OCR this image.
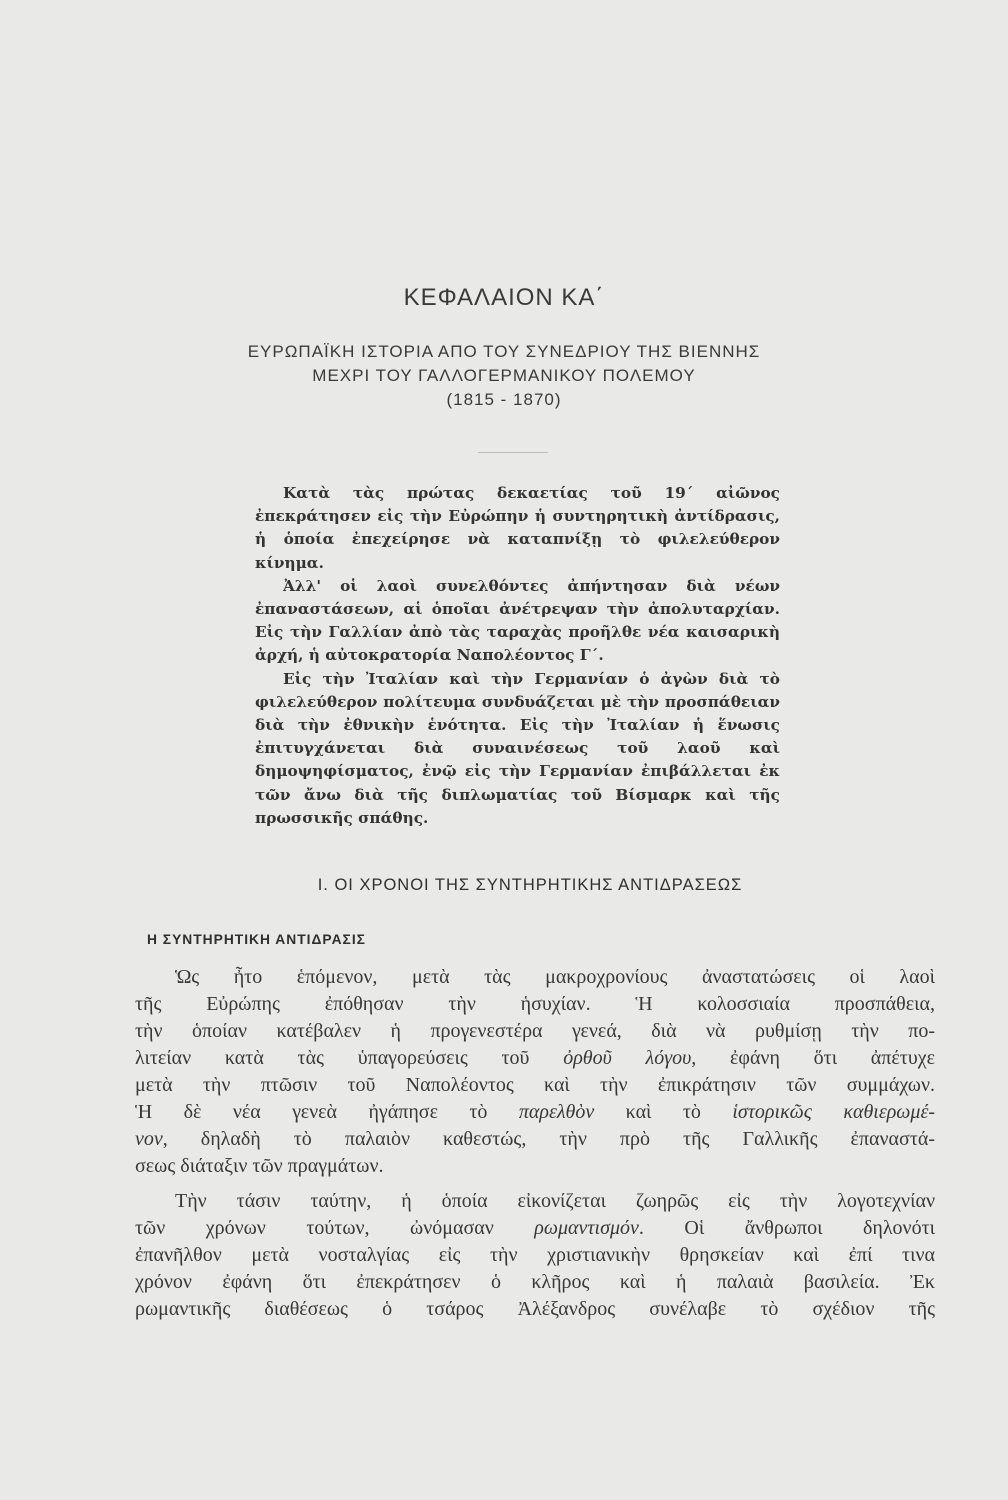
ΚΕΦΑΛΑΙΟΝ ΚΑ΄
ΕΥΡΩΠΑΪΚΗ ΙΣΤΟΡΙΑ ΑΠΟ ΤΟΥ ΣΥΝΕΔΡΙΟΥ ΤΗΣ ΒΙΕΝΝΗΣ
ΜΕΧΡΙ ΤΟΥ ΓΑΛΛΟΓΕΡΜΑΝΙΚΟΥ ΠΟΛΕΜΟΥ
(1815 - 1870)

Κατὰ τὰς πρώτας δεκαετίας τοῦ 19΄ αἰῶνος ἐπεκράτησεν εἰς τὴν Εὐρώπην ἡ συντηρητικὴ ἀντίδρασις, ἡ ὁποία ἐπεχείρησε νὰ καταπνίξῃ τὸ φιλελεύθερον κίνημα.

Ἀλλ' οἱ λαοὶ συνελθόντες ἀπήντησαν διὰ νέων ἐπαναστάσεων, αἱ ὁποῖαι ἀνέτρεψαν τὴν ἀπολυταρχίαν. Εἰς τὴν Γαλλίαν ἀπὸ τὰς ταραχὰς προῆλθε νέα καισαρικὴ ἀρχή, ἡ αὐτοκρατορία Ναπολέοντος Γ΄.

Εἰς τὴν Ἰταλίαν καὶ τὴν Γερμανίαν ὁ ἀγὼν διὰ τὸ φιλελεύθερον πολίτευμα συνδυάζεται μὲ τὴν προσπάθειαν διὰ τὴν ἐθνικὴν ἑνότητα. Εἰς τὴν Ἰταλίαν ἡ ἕνωσις ἐπιτυγχάνεται διὰ συναινέσεως τοῦ λαοῦ καὶ δημοψηφίσματος, ἐνῷ εἰς τὴν Γερμανίαν ἐπιβάλλεται ἐκ τῶν ἄνω διὰ τῆς διπλωματίας τοῦ Βίσμαρκ καὶ τῆς πρωσσικῆς σπάθης.

Ι. ΟΙ ΧΡΟΝΟΙ ΤΗΣ ΣΥΝΤΗΡΗΤΙΚΗΣ ΑΝΤΙΔΡΑΣΕΩΣ
Η ΣΥΝΤΗΡΗΤΙΚΗ ΑΝΤΙΔΡΑΣΙΣ
Ὡς ἦτο ἑπόμενον, μετὰ τὰς μακροχρονίους ἀναστατώσεις οἱ λαοὶ
τῆς Εὐρώπης ἐπόθησαν τὴν ἡσυχίαν. Ἡ κολοσσιαία προσπάθεια,
τὴν ὁποίαν κατέβαλεν ἡ προγενεστέρα γενεά, διὰ νὰ ρυθμίσῃ τὴν πο-
λιτείαν κατὰ τὰς ὑπαγορεύσεις τοῦ ὀρθοῦ λόγου, ἐφάνη ὅτι ἀπέτυχε
μετὰ τὴν πτῶσιν τοῦ Ναπολέοντος καὶ τὴν ἐπικράτησιν τῶν συμμάχων.
Ἡ δὲ νέα γενεὰ ἠγάπησε τὸ παρελθὸν καὶ τὸ ἱστορικῶς καθιερωμέ-
νον, δηλαδὴ τὸ παλαιὸν καθεστώς, τὴν πρὸ τῆς Γαλλικῆς ἐπαναστά-
σεως διάταξιν τῶν πραγμάτων.
Τὴν τάσιν ταύτην, ἡ ὁποία εἰκονίζεται ζωηρῶς εἰς τὴν λογοτεχνίαν
τῶν χρόνων τούτων, ὠνόμασαν ρωμαντισμόν. Οἱ ἄνθρωποι δηλονότι
ἐπανῆλθον μετὰ νοσταλγίας εἰς τὴν χριστιανικὴν θρησκείαν καὶ ἐπί τινα
χρόνον ἐφάνη ὅτι ἐπεκράτησεν ὁ κλῆρος καὶ ἡ παλαιὰ βασιλεία. Ἐκ
ρωμαντικῆς διαθέσεως ὁ τσάρος Ἀλέξανδρος συνέλαβε τὸ σχέδιον τῆς
